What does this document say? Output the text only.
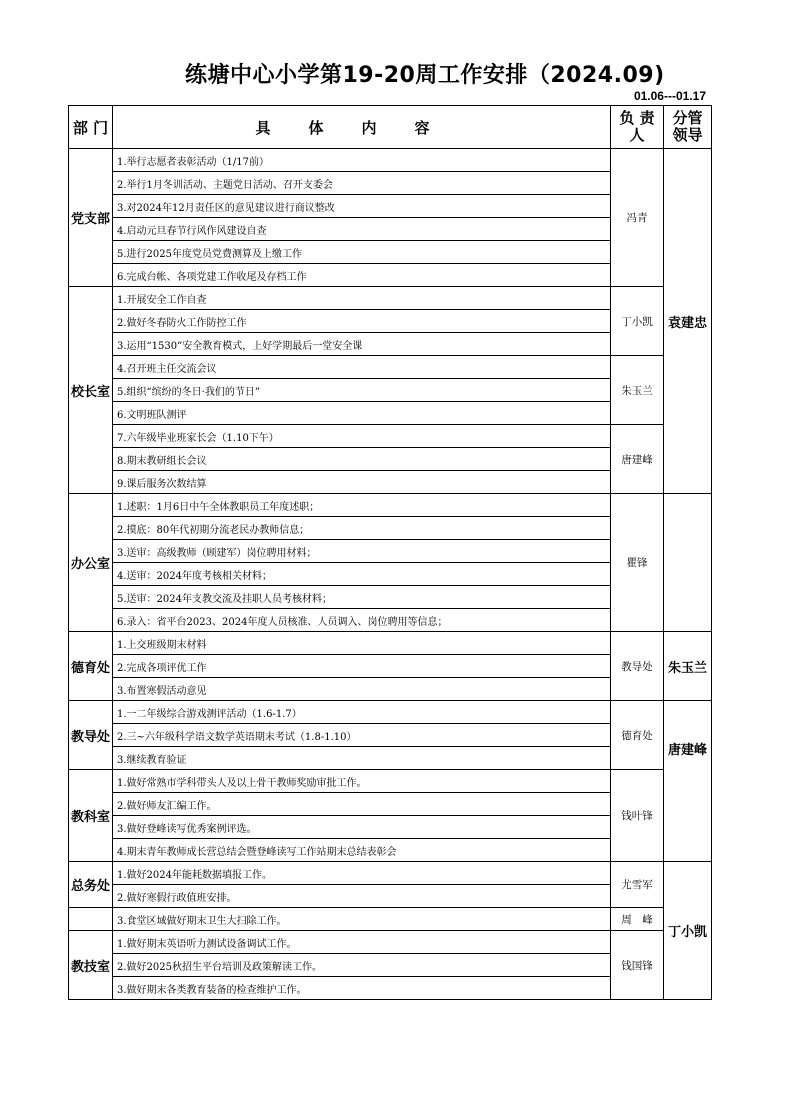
练塘中心小学第19-20周工作安排（2024.09)
01.06---01.17
部 门	具体内容	负 责 人	分管 领导
党支部	1.举行志愿者表彰活动（1/17前）	冯青	袁建忠
	2.举行1月冬训活动、主题党日活动、召开支委会		
	3.对2024年12月责任区的意见建议进行商议整改		
	4.启动元旦春节行风作风建设自查		
	5.进行2025年度党员党费测算及上缴工作		
	6.完成台帐、各项党建工作收尾及存档工作		
校长室	1.开展安全工作自查	丁小凯	
	2.做好冬春防火工作防控工作		
	3.运用“1530”安全教育模式，上好学期最后一堂安全课		
	4.召开班主任交流会议	朱玉兰	
	5.组织“缤纷的冬日·我们的节日”		
	6.文明班队测评		
	7.六年级毕业班家长会（1.10下午）	唐建峰	
	8.期末教研组长会议		
	9.课后服务次数结算		
办公室	1.述职：1月6日中午全体教职员工年度述职；	瞿锋	
	2.摸底：80年代初期分流老民办教师信息；		
	3.送审：高级教师（顾建军）岗位聘用材料；		
	4.送审：2024年度考核相关材料；		
	5.送审：2024年支教交流及挂职人员考核材料；		
	6.录入：省平台2023、2024年度人员核准、人员调入、岗位聘用等信息；		
德育处	1.上交班级期末材料	教导处	朱玉兰
	2.完成各项评优工作		
	3.布置寒假活动意见		
教导处	1.一二年级综合游戏测评活动（1.6-1.7）	德育处	唐建峰
	2.三~六年级科学语文数学英语期末考试（1.8-1.10）		
	3.继续教育验证		
教科室	1.做好常熟市学科带头人及以上骨干教师奖励审批工作。	钱叶锋	
	2.做好师友汇编工作。		
	3.做好登峰读写优秀案例评选。		
	4.期末青年教师成长营总结会暨登峰读写工作站期末总结表彰会		
总务处	1.做好2024年能耗数据填报工作。	尤雪军	丁小凯
	2.做好寒假行政值班安排。		
	3.食堂区域做好期末卫生大扫除工作。	周　峰	
教技室	1.做好期末英语听力测试设备调试工作。	钱国锋	
	2.做好2025秋招生平台培训及政策解读工作。		
	3.做好期末各类教育装备的检查维护工作。		
